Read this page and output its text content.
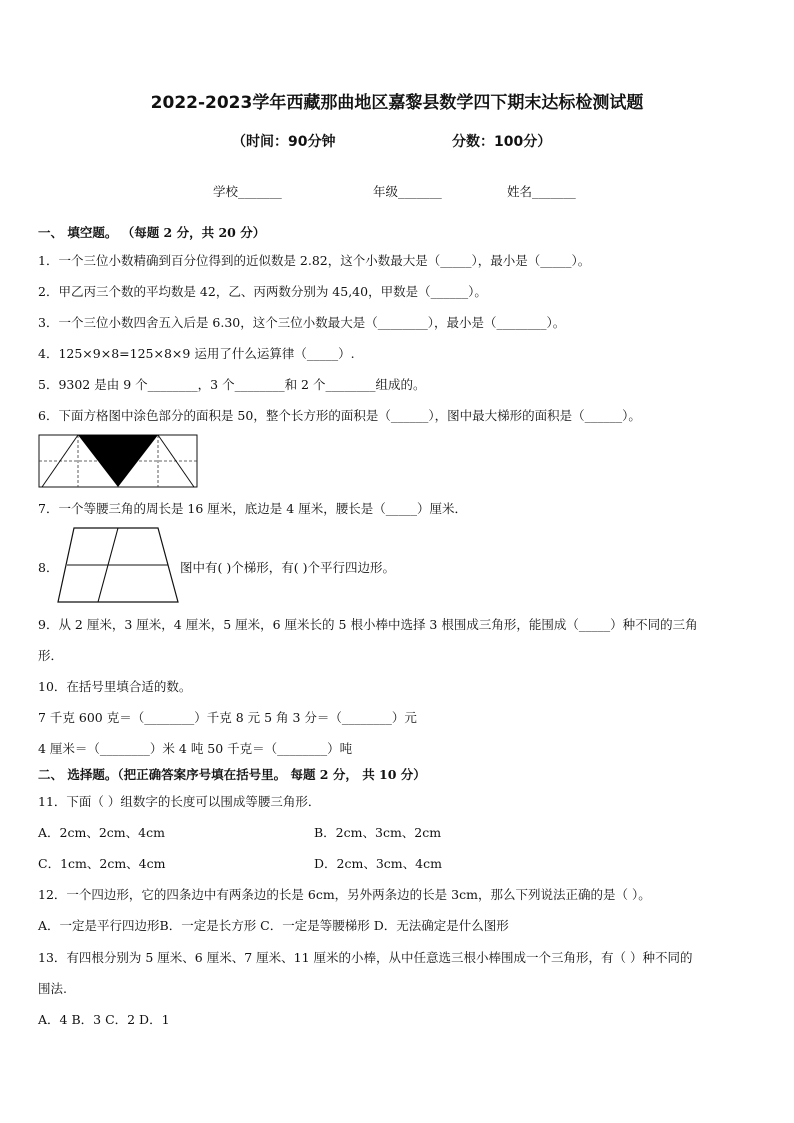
2022-2023学年西藏那曲地区嘉黎县数学四下期末达标检测试题
（时间：90分钟	分数：100分）
学校_______	年级_______	姓名_______
一、 填空题。 （每题 2 分，共 20 分）
1．一个三位小数精确到百分位得到的近似数是 2.82，这个小数最大是（_____），最小是（_____）。
2．甲乙丙三个数的平均数是 42，乙、丙两数分别为 45,40，甲数是（______）。
3．一个三位小数四舍五入后是 6.30，这个三位小数最大是（________），最小是（________）。
4．125×9×8=125×8×9 运用了什么运算律（_____）.
5．9302 是由 9 个________，3 个________和 2 个________组成的。
6．下面方格图中涂色部分的面积是 50，整个长方形的面积是（______），图中最大梯形的面积是（______）。
7．一个等腰三角的周长是 16 厘米，底边是 4 厘米，腰长是（_____）厘米．
8．	图中有( )个梯形，有( )个平行四边形。
9．从 2 厘米，3 厘米，4 厘米，5 厘米，6 厘米长的 5 根小棒中选择 3 根围成三角形，能围成（_____）种不同的三角
形．
10．在括号里填合适的数。
7 千克 600 克＝（________）千克 8 元 5 角 3 分＝（________）元
4 厘米＝（________）米 4 吨 50 千克＝（________）吨
二、 选择题。（把正确答案序号填在括号里。 每题 2 分， 共 10 分）
11．下面（ ）组数字的长度可以围成等腰三角形．
A．2cm、2cm、4cm	B．2cm、3cm、2cm
C．1cm、2cm、4cm	D．2cm、3cm、4cm
12．一个四边形，它的四条边中有两条边的长是 6cm，另外两条边的长是 3cm，那么下列说法正确的是（ ）。
A．一定是平行四边形B．一定是长方形 C．一定是等腰梯形 D．无法确定是什么图形
13．有四根分别为 5 厘米、6 厘米、7 厘米、11 厘米的小棒，从中任意选三根小棒围成一个三角形，有（ ）种不同的
围法.
A．4 B．3 C．2 D．1
